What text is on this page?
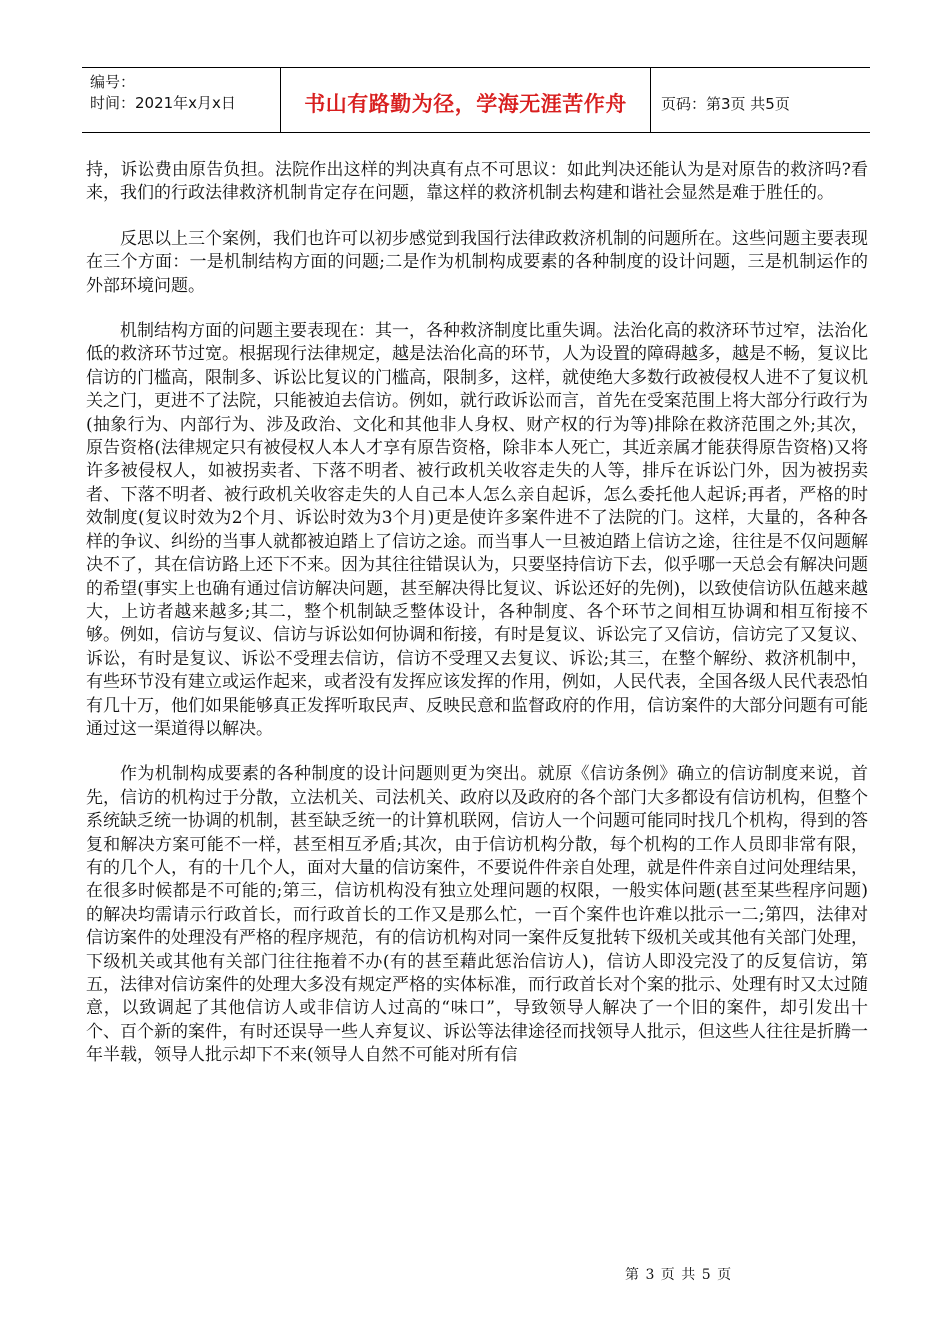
编号：
时间：2021年x月x日	书山有路勤为径，学海无涯苦作舟 页码：第3页 共5页

持，诉讼费由原告负担。法院作出这样的判决真有点不可思议：如此判决还能认为是对原告的救济吗?看来，我们的行政法律救济机制肯定存在问题，靠这样的救济机制去构建和谐社会显然是难于胜任的。

反思以上三个案例，我们也许可以初步感觉到我国行法律政救济机制的问题所在。这些问题主要表现在三个方面：一是机制结构方面的问题;二是作为机制构成要素的各种制度的设计问题，三是机制运作的外部环境问题。

机制结构方面的问题主要表现在：其一，各种救济制度比重失调。法治化高的救济环节过窄，法治化低的救济环节过宽。根据现行法律规定，越是法治化高的环节，人为设置的障碍越多，越是不畅，复议比信访的门槛高，限制多、诉讼比复议的门槛高，限制多，这样，就使绝大多数行政被侵权人进不了复议机关之门，更进不了法院，只能被迫去信访。例如，就行政诉讼而言，首先在受案范围上将大部分行政行为(抽象行为、内部行为、涉及政治、文化和其他非人身权、财产权的行为等)排除在救济范围之外;其次，原告资格(法律规定只有被侵权人本人才享有原告资格，除非本人死亡，其近亲属才能获得原告资格)又将许多被侵权人，如被拐卖者、下落不明者、被行政机关收容走失的人等，排斥在诉讼门外，因为被拐卖者、下落不明者、被行政机关收容走失的人自己本人怎么亲自起诉，怎么委托他人起诉;再者，严格的时效制度(复议时效为2个月、诉讼时效为3个月)更是使许多案件进不了法院的门。这样，大量的，各种各样的争议、纠纷的当事人就都被迫踏上了信访之途。而当事人一旦被迫踏上信访之途，往往是不仅问题解决不了，其在信访路上还下不来。因为其往往错误认为，只要坚持信访下去，似乎哪一天总会有解决问题的希望(事实上也确有通过信访解决问题，甚至解决得比复议、诉讼还好的先例)，以致使信访队伍越来越大，上访者越来越多;其二，整个机制缺乏整体设计，各种制度、各个环节之间相互协调和相互衔接不够。例如，信访与复议、信访与诉讼如何协调和衔接，有时是复议、诉讼完了又信访，信访完了又复议、诉讼，有时是复议、诉讼不受理去信访，信访不受理又去复议、诉讼;其三，在整个解纷、救济机制中，有些环节没有建立或运作起来，或者没有发挥应该发挥的作用，例如，人民代表，全国各级人民代表恐怕有几十万，他们如果能够真正发挥听取民声、反映民意和监督政府的作用，信访案件的大部分问题有可能通过这一渠道得以解决。

作为机制构成要素的各种制度的设计问题则更为突出。就原《信访条例》确立的信访制度来说，首先，信访的机构过于分散，立法机关、司法机关、政府以及政府的各个部门大多都设有信访机构，但整个系统缺乏统一协调的机制，甚至缺乏统一的计算机联网，信访人一个问题可能同时找几个机构，得到的答复和解决方案可能不一样，甚至相互矛盾;其次，由于信访机构分散，每个机构的工作人员即非常有限，有的几个人，有的十几个人，面对大量的信访案件，不要说件件亲自处理，就是件件亲自过问处理结果，在很多时候都是不可能的;第三，信访机构没有独立处理问题的权限，一般实体问题(甚至某些程序问题)的解决均需请示行政首长，而行政首长的工作又是那么忙，一百个案件也许难以批示一二;第四，法律对信访案件的处理没有严格的程序规范，有的信访机构对同一案件反复批转下级机关或其他有关部门处理，下级机关或其他有关部门往往拖着不办(有的甚至藉此惩治信访人)，信访人即没完没了的反复信访，第五，法律对信访案件的处理大多没有规定严格的实体标准，而行政首长对个案的批示、处理有时又太过随意，以致调起了其他信访人或非信访人过高的“味口”，导致领导人解决了一个旧的案件，却引发出十个、百个新的案件，有时还误导一些人弃复议、诉讼等法律途径而找领导人批示，但这些人往往是折腾一年半载，领导人批示却下不来(领导人自然不可能对所有信

第 3 页 共 5 页
